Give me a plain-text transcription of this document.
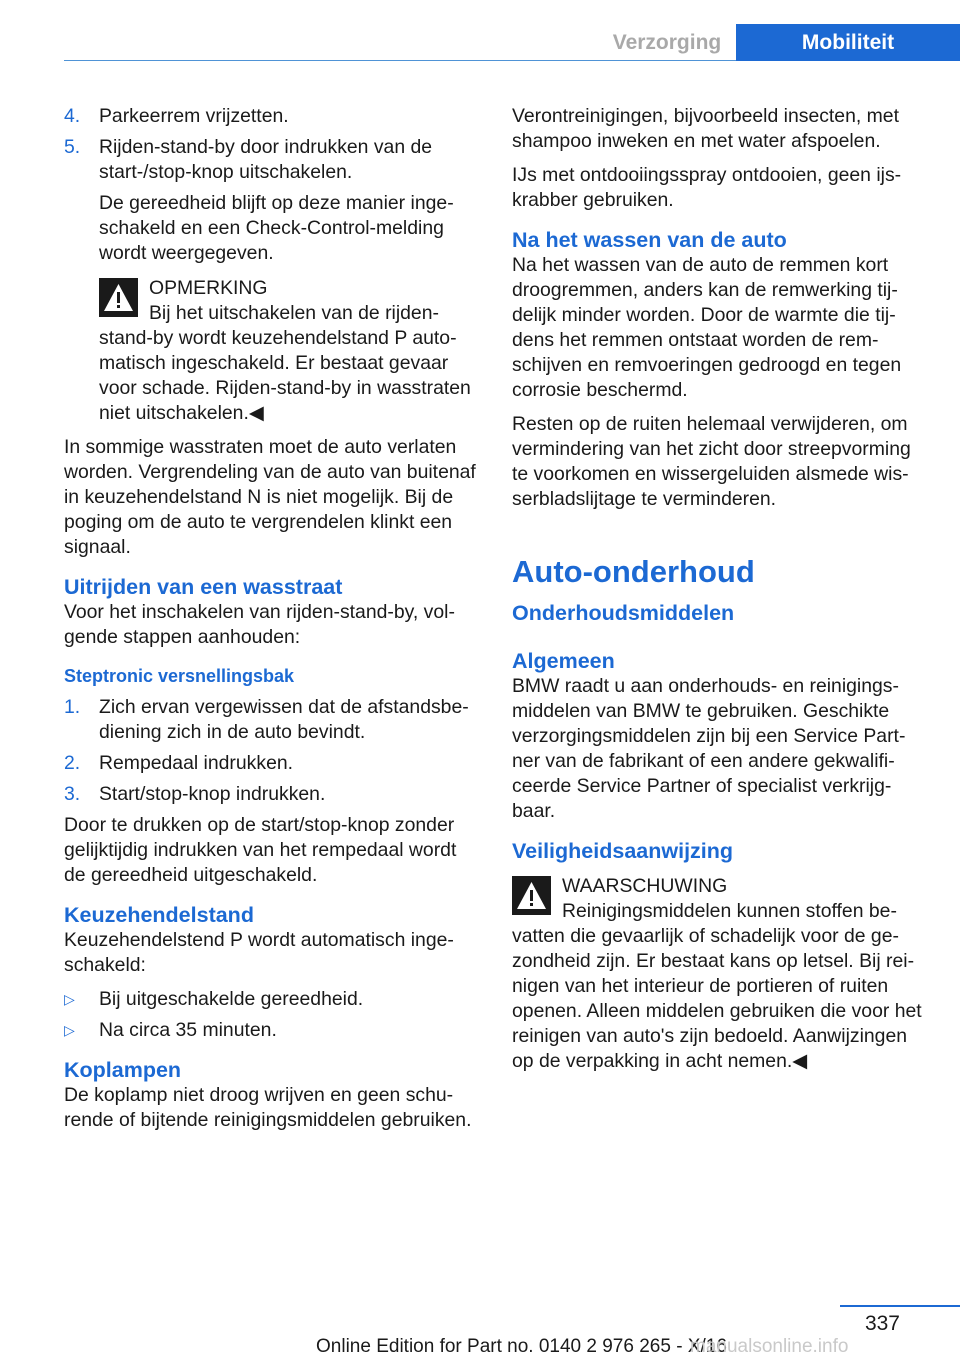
Verzorging	Mobiliteit
4. Parkeerrem vrijzetten.
5. Rijden-stand-by door indrukken van de start-/stop-knop uitschakelen.
De gereedheid blijft op deze manier ingeschakeld en een Check-Control-melding wordt weergegeven.
OPMERKING
Bij het uitschakelen van de rijden-stand-by wordt keuzehendelstand P automatisch ingeschakeld. Er bestaat gevaar voor schade. Rijden-stand-by in wasstraten niet uitschakelen.◀

In sommige wasstraten moet de auto verlaten worden. Vergrendeling van de auto van buitenaf in keuzehendelstand N is niet mogelijk. Bij de poging om de auto te vergrendelen klinkt een signaal.

Uitrijden van een wasstraat

Voor het inschakelen van rijden-stand-by, volgende stappen aanhouden:

Steptronic versnellingsbak
1. Zich ervan vergewissen dat de afstandsbediening zich in de auto bevindt.
2. Rempedaal indrukken.
3. Start/stop-knop indrukken.

Door te drukken op de start/stop-knop zonder gelijktijdig indrukken van het rempedaal wordt de gereedheid uitgeschakeld.

Keuzehendelstand

Keuzehendelstend P wordt automatisch ingeschakeld:

▷ Bij uitgeschakelde gereedheid.
▷ Na circa 35 minuten.
Koplampen

De koplamp niet droog wrijven en geen schurende of bijtende reinigingsmiddelen gebruiken.

Verontreinigingen, bijvoorbeeld insecten, met shampoo inweken en met water afspoelen.

IJs met ontdooiingsspray ontdooien, geen ijskrabber gebruiken.

Na het wassen van de auto

Na het wassen van de auto de remmen kort droogremmen, anders kan de remwerking tijdelijk minder worden. Door de warmte die tijdens het remmen ontstaat worden de remschijven en remvoeringen gedroogd en tegen corrosie beschermd.

Resten op de ruiten helemaal verwijderen, om vermindering van het zicht door streepvorming te voorkomen en wissergeluiden alsmede wisserbladslijtage te verminderen.

Auto-onderhoud
Onderhoudsmiddelen
Algemeen

BMW raadt u aan onderhouds- en reinigingsmiddelen van BMW te gebruiken. Geschikte verzorgingsmiddelen zijn bij een Service Partner van de fabrikant of een andere gekwalificeerde Service Partner of specialist verkrijgbaar.

Veiligheidsaanwijzing
WAARSCHUWING
Reinigingsmiddelen kunnen stoffen bevatten die gevaarlijk of schadelijk voor de gezondheid zijn. Er bestaat kans op letsel. Bij reinigen van het interieur de portieren of ruiten openen. Alleen middelen gebruiken die voor het reinigen van auto's zijn bedoeld. Aanwijzingen op de verpakking in acht nemen.◀
337
Online Edition for Part no. 0140 2 976 265 - X/16
manualsonline.info
